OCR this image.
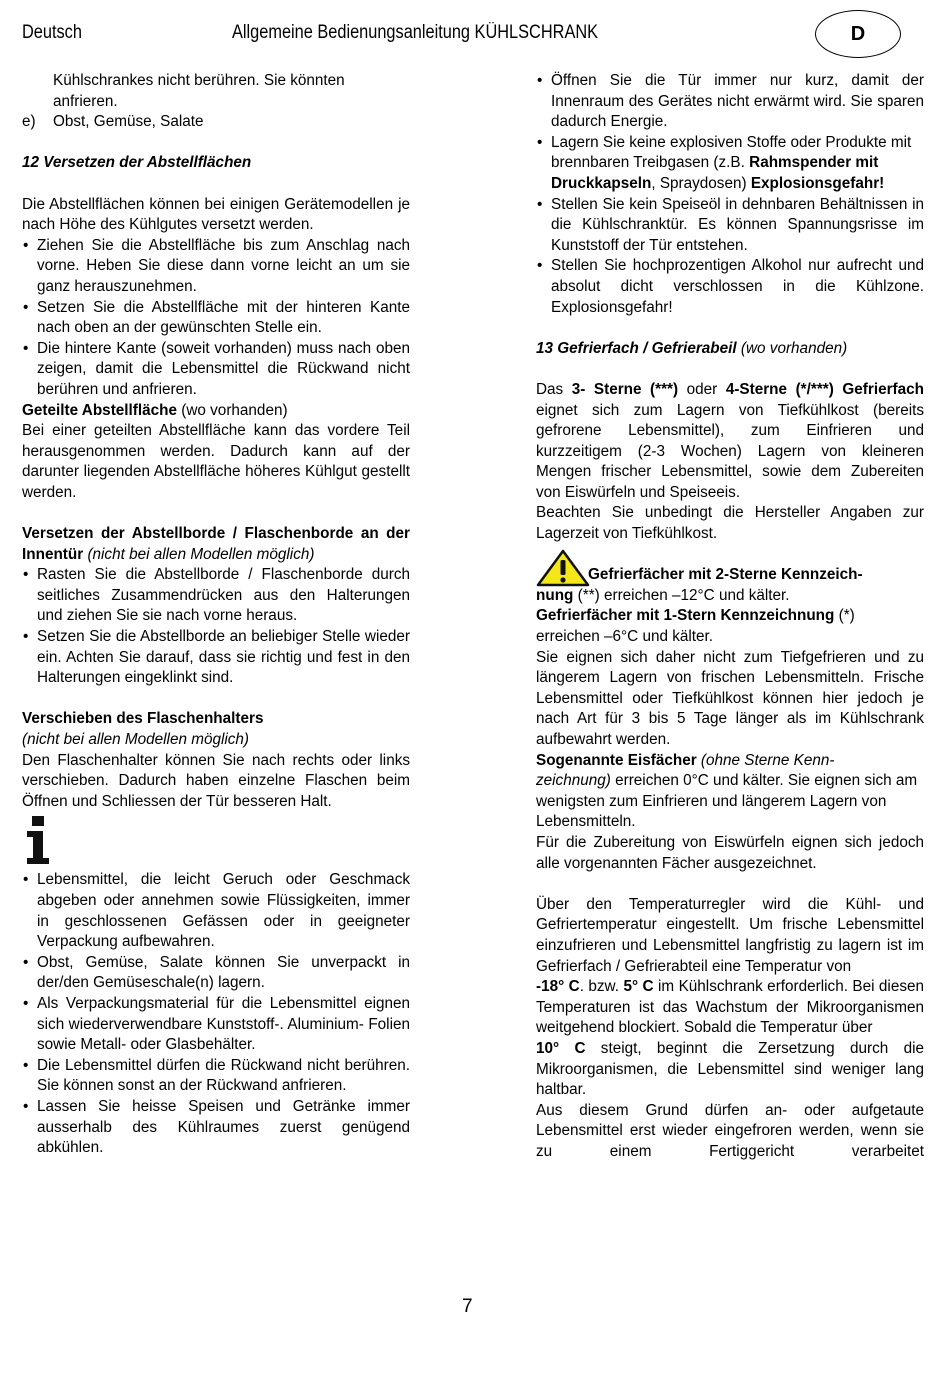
Deutsch	Allgemeine Bedienungsanleitung KÜHLSCHRANK	D

Kühlschrankes nicht berühren. Sie könnten

anfrieren.

e)	Obst, Gemüse, Salate

12 Versetzen der Abstellflächen

Die Abstellflächen können bei einigen Gerätemodellen je nach Höhe des Kühlgutes versetzt werden.

• Ziehen Sie die Abstellfläche bis zum Anschlag nach vorne. Heben Sie diese dann vorne leicht an um sie ganz herauszunehmen.
• Setzen Sie die Abstellfläche mit der hinteren Kante nach oben an der gewünschten Stelle ein.
• Die hintere Kante (soweit vorhanden) muss nach oben zeigen, damit die Lebensmittel die Rückwand nicht berühren und anfrieren.

Geteilte Abstellfläche (wo vorhanden)

Bei einer geteilten Abstellfläche kann das vordere Teil herausgenommen werden. Dadurch kann auf der darunter liegenden Abstellfläche höheres Kühlgut gestellt werden.

Versetzen der Abstellborde / Flaschenborde an der Innentür (nicht bei allen Modellen möglich)

• Rasten Sie die Abstellborde / Flaschenborde durch seitliches Zusammendrücken aus den Halterungen und ziehen Sie sie nach vorne heraus.
• Setzen Sie die Abstellborde an beliebiger Stelle wieder ein. Achten Sie darauf, dass sie richtig und fest in den Halterungen eingeklinkt sind.

Verschieben des Flaschenhalters

(nicht bei allen Modellen möglich)

Den Flaschenhalter können Sie nach rechts oder links verschieben. Dadurch haben einzelne Flaschen beim Öffnen und Schliessen der Tür besseren Halt.

• Lebensmittel, die leicht Geruch oder Geschmack abgeben oder annehmen sowie Flüssigkeiten, immer in geschlossenen Gefässen oder in geeigneter Verpackung aufbewahren.
• Obst, Gemüse, Salate können Sie unverpackt in der/den Gemüseschale(n) lagern.
• Als Verpackungsmaterial für die Lebensmittel eignen sich wiederverwendbare Kunststoff-. Aluminium- Folien sowie Metall- oder Glasbehälter.
• Die Lebensmittel dürfen die Rückwand nicht berühren. Sie können sonst an der Rückwand anfrieren.
• Lassen Sie heisse Speisen und Getränke immer ausserhalb des Kühlraumes zuerst genügend abkühlen.
• Öffnen Sie die Tür immer nur kurz, damit der Innenraum des Gerätes nicht erwärmt wird. Sie sparen dadurch Energie.
• Lagern Sie keine explosiven Stoffe oder Produkte mit brennbaren Treibgasen (z.B. Rahmspender mit Druckkapseln, Spraydosen) Explosionsgefahr!
• Stellen Sie kein Speiseöl in dehnbaren Behältnissen in die Kühlschranktür. Es können Spannungsrisse im Kunststoff der Tür entstehen.
• Stellen Sie hochprozentigen Alkohol nur aufrecht und absolut dicht verschlossen in die Kühlzone. Explosionsgefahr!

13 Gefrierfach / Gefrierabeil (wo vorhanden)

Das 3- Sterne (***) oder 4-Sterne (*/***) Gefrierfach eignet sich zum Lagern von Tiefkühlkost (bereits gefrorene Lebensmittel), zum Einfrieren und kurzzeitigem (2-3 Wochen) Lagern von kleineren Mengen frischer Lebensmittel, sowie dem Zubereiten von Eiswürfeln und Speiseeis.

Beachten Sie unbedingt die Hersteller Angaben zur Lagerzeit von Tiefkühlkost.

Gefrierfächer mit 2-Sterne Kennzeich-

nung (**) erreichen –12°C und kälter.

Gefrierfächer mit 1-Stern Kennzeichnung (*)

erreichen –6°C und kälter.

Sie eignen sich daher nicht zum Tiefgefrieren und zu längerem Lagern von frischen Lebensmitteln. Frische Lebensmittel oder Tiefkühlkost können hier jedoch je nach Art für 3 bis 5 Tage länger als im Kühlschrank aufbewahrt werden.

Sogenannte Eisfächer (ohne Sterne Kenn-

zeichnung) erreichen 0°C und kälter. Sie eignen sich am wenigsten zum Einfrieren und längerem Lagern von Lebensmitteln.

Für die Zubereitung von Eiswürfeln eignen sich jedoch alle vorgenannten Fächer ausgezeichnet.

Über den Temperaturregler wird die Kühl- und Gefriertemperatur eingestellt. Um frische Lebensmittel einzufrieren und Lebensmittel langfristig zu lagern ist im Gefrierfach / Gefrierabteil eine Temperatur von

-18° C. bzw. 5° C im Kühlschrank erforderlich. Bei diesen Temperaturen ist das Wachstum der Mikroorganismen weitgehend blockiert. Sobald die Temperatur über

10° C steigt, beginnt die Zersetzung durch die Mikroorganismen, die Lebensmittel sind weniger lang haltbar.

Aus diesem Grund dürfen an- oder aufgetaute Lebensmittel erst wieder eingefroren werden, wenn sie zu einem Fertiggericht verarbeitet

7
